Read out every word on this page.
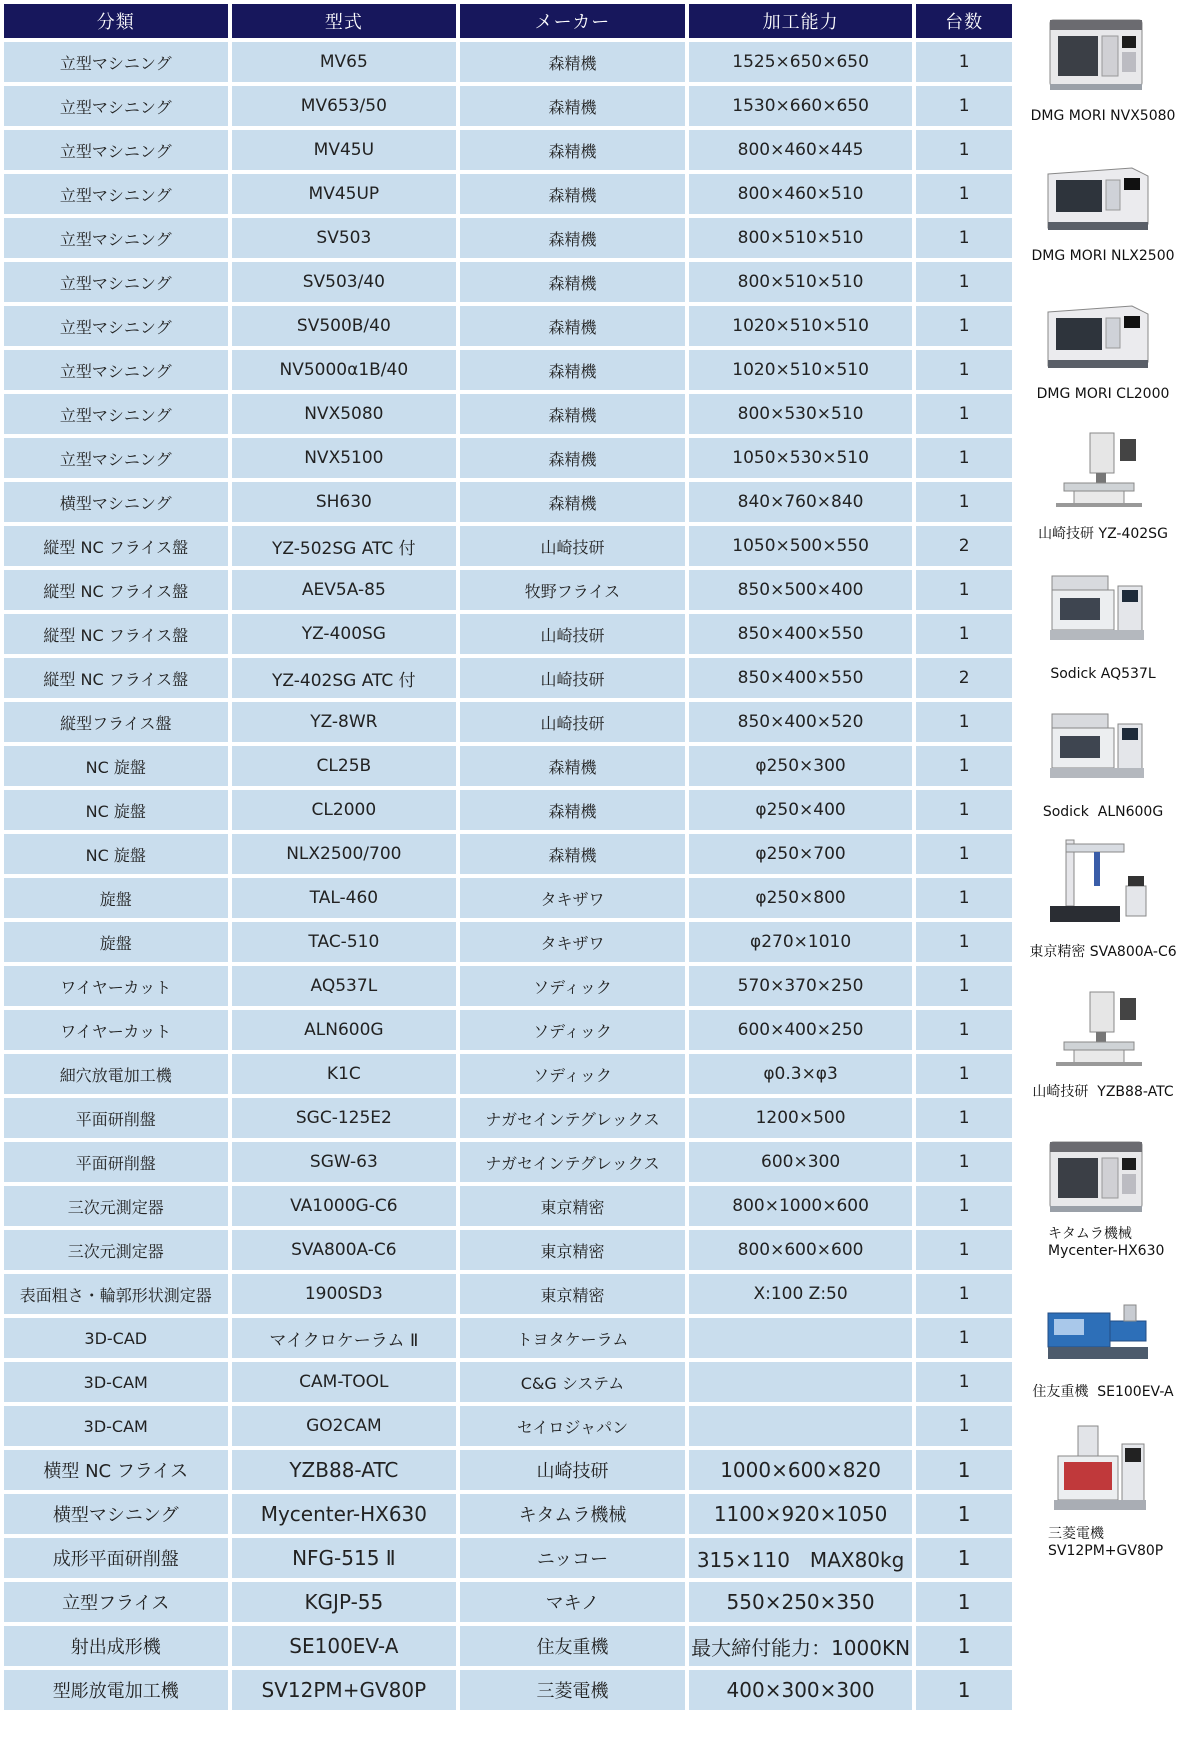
分類	型式	メーカー	加工能力	台数
立型マシニング	MV65	森精機	1525×650×650	1
立型マシニング	MV653/50	森精機	1530×660×650	1
立型マシニング	MV45U	森精機	800×460×445	1
立型マシニング	MV45UP	森精機	800×460×510	1
立型マシニング	SV503	森精機	800×510×510	1
立型マシニング	SV503/40	森精機	800×510×510	1
立型マシニング	SV500B/40	森精機	1020×510×510	1
立型マシニング	NV5000α1B/40	森精機	1020×510×510	1
立型マシニング	NVX5080	森精機	800×530×510	1
立型マシニング	NVX5100	森精機	1050×530×510	1
横型マシニング	SH630	森精機	840×760×840	1
縦型 NC フライス盤	YZ-502SG ATC 付	山崎技研	1050×500×550	2
縦型 NC フライス盤	AEV5A-85	牧野フライス	850×500×400	1
縦型 NC フライス盤	YZ-400SG	山崎技研	850×400×550	1
縦型 NC フライス盤	YZ-402SG ATC 付	山崎技研	850×400×550	2
縦型フライス盤	YZ-8WR	山崎技研	850×400×520	1
NC 旋盤	CL25B	森精機	φ250×300	1
NC 旋盤	CL2000	森精機	φ250×400	1
NC 旋盤	NLX2500/700	森精機	φ250×700	1
旋盤	TAL-460	タキザワ	φ250×800	1
旋盤	TAC-510	タキザワ	φ270×1010	1
ワイヤーカット	AQ537L	ソディック	570×370×250	1
ワイヤーカット	ALN600G	ソディック	600×400×250	1
細穴放電加工機	K1C	ソディック	φ0.3×φ3	1
平面研削盤	SGC-125E2	ナガセインテグレックス	1200×500	1
平面研削盤	SGW-63	ナガセインテグレックス	600×300	1
三次元測定器	VA1000G-C6	東京精密	800×1000×600	1
三次元測定器	SVA800A-C6	東京精密	800×600×600	1
表面粗さ・輪郭形状測定器	1900SD3	東京精密	X:100 Z:50	1
3D-CAD	マイクロケーラム Ⅱ	トヨタケーラム		1
3D-CAM	CAM-TOOL	C&G システム		1
3D-CAM	GO2CAM	セイロジャパン		1
横型 NC フライス	YZB88-ATC	山崎技研	1000×600×820	1
横型マシニング	Mycenter-HX630	キタムラ機械	1100×920×1050	1
成形平面研削盤	NFG-515 Ⅱ	ニッコー	315×110　MAX80kg	1
立型フライス	KGJP-55	マキノ	550×250×350	1
射出成形機	SE100EV-A	住友重機	最大締付能力：1000KN	1
型彫放電加工機	SV12PM+GV80P	三菱電機	400×300×300	1
DMG MORI NVX5080
DMG MORI NLX2500
DMG MORI CL2000
山崎技研 YZ-402SG
Sodick AQ537L
Sodick  ALN600G
東京精密 SVA800A-C6
山崎技研  YZB88-ATC
キタムラ機械
Mycenter-HX630
住友重機  SE100EV-A
三菱電機
SV12PM+GV80P
